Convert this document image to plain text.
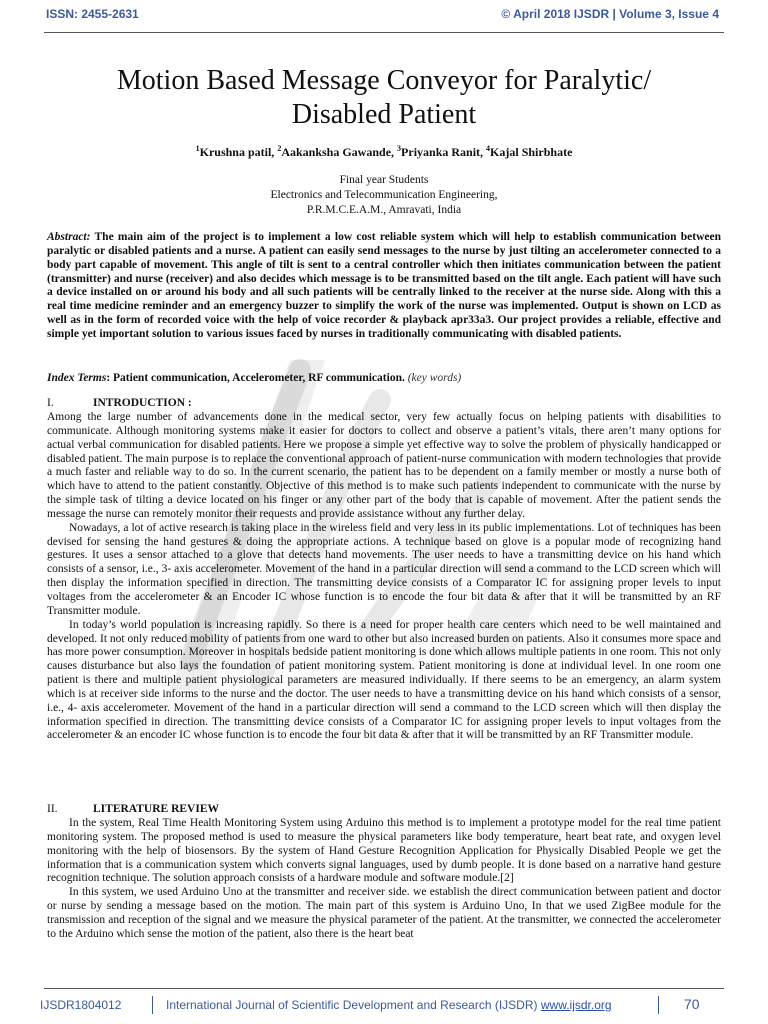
ISSN: 2455-2631	© April 2018 IJSDR | Volume 3, Issue 4
Motion Based Message Conveyor for Paralytic/
Disabled Patient
$^1$Krushna patil, $^2$Aakanksha Gawande, $^3$Priyanka Ranit, $^4$Kajal Shirbhate
Final year Students
Electronics and Telecommunication Engineering,
P.R.M.C.E.A.M., Amravati, India
Abstract: The main aim of the project is to implement a low cost reliable system which will help to establish communication between paralytic or disabled patients and a nurse. A patient can easily send messages to the nurse by just tilting an accelerometer connected to a body part capable of movement. This angle of tilt is sent to a central controller which then initiates communication between the patient (transmitter) and nurse (receiver) and also decides which message is to be transmitted based on the tilt angle. Each patient will have such a device installed on or around his body and all such patients will be centrally linked to the receiver at the nurse side. Along with this a real time medicine reminder and an emergency buzzer to simplify the work of the nurse was implemented. Output is shown on LCD as well as in the form of recorded voice with the help of voice recorder & playback apr33a3. Our project provides a reliable, effective and simple yet important solution to various issues faced by nurses in traditionally communicating with disabled patients.
Index Terms: Patient communication, Accelerometer, RF communication. (key words)
I.	INTRODUCTION :

Among the large number of advancements done in the medical sector, very few actually focus on helping patients with disabilities to communicate. Although monitoring systems make it easier for doctors to collect and observe a patient’s vitals, there aren’t many options for actual verbal communication for disabled patients. Here we propose a simple yet effective way to solve the problem of physically handicapped or disabled patient. The main purpose is to replace the conventional approach of patient-nurse communication with modern technologies that provide a much faster and reliable way to do so. In the current scenario, the patient has to be dependent on a family member or mostly a nurse both of which have to attend to the patient constantly. Objective of this method is to make such patients independent to communicate with the nurse by the simple task of tilting a device located on his finger or any other part of the body that is capable of movement. After the patient sends the message the nurse can remotely monitor their requests and provide assistance without any further delay.

Nowadays, a lot of active research is taking place in the wireless field and very less in its public implementations. Lot of techniques has been devised for sensing the hand gestures & doing the appropriate actions. A technique based on glove is a popular mode of recognizing hand gestures. It uses a sensor attached to a glove that detects hand movements. The user needs to have a transmitting device on his hand which consists of a sensor, i.e., 3- axis accelerometer. Movement of the hand in a particular direction will send a command to the LCD screen which will then display the information specified in direction. The transmitting device consists of a Comparator IC for assigning proper levels to input voltages from the accelerometer & an Encoder IC whose function is to encode the four bit data & after that it will be transmitted by an RF Transmitter module.

In today’s world population is increasing rapidly. So there is a need for proper health care centers which need to be well maintained and developed. It not only reduced mobility of patients from one ward to other but also increased burden on patients. Also it consumes more space and has more power consumption. Moreover in hospitals bedside patient monitoring is done which allows multiple patients in one room. This not only causes disturbance but also lays the foundation of patient monitoring system. Patient monitoring is done at individual level. In one room one patient is there and multiple patient physiological parameters are measured individually. If there seems to be an emergency, an alarm system which is at receiver side informs to the nurse and the doctor. The user needs to have a transmitting device on his hand which consists of a sensor, i.e., 4- axis accelerometer. Movement of the hand in a particular direction will send a command to the LCD screen which will then display the information specified in direction. The transmitting device consists of a Comparator IC for assigning proper levels to input voltages from the accelerometer & an encoder IC whose function is to encode the four bit data & after that it will be transmitted by an RF Transmitter module.

II.	LITERATURE REVIEW

In the system, Real Time Health Monitoring System using Arduino this method is to implement a prototype model for the real time patient monitoring system. The proposed method is used to measure the physical parameters like body temperature, heart beat rate, and oxygen level monitoring with the help of biosensors. By the system of Hand Gesture Recognition Application for Physically Disabled People we get the information that is a communication system which converts signal languages, used by dumb people. It is done based on a narrative hand gesture recognition technique. The solution approach consists of a hardware module and software module.[2]

In this system, we used Arduino Uno at the transmitter and receiver side. we establish the direct communication between patient and doctor or nurse by sending a message based on the motion. The main part of this system is Arduino Uno, In that we used ZigBee module for the transmission and reception of the signal and we measure the physical parameter of the patient. At the transmitter, we connected the accelerometer to the Arduino which sense the motion of the patient, also there is the heart beat

IJSDR1804012	International Journal of Scientific Development and Research (IJSDR) www.ijsdr.org	70
